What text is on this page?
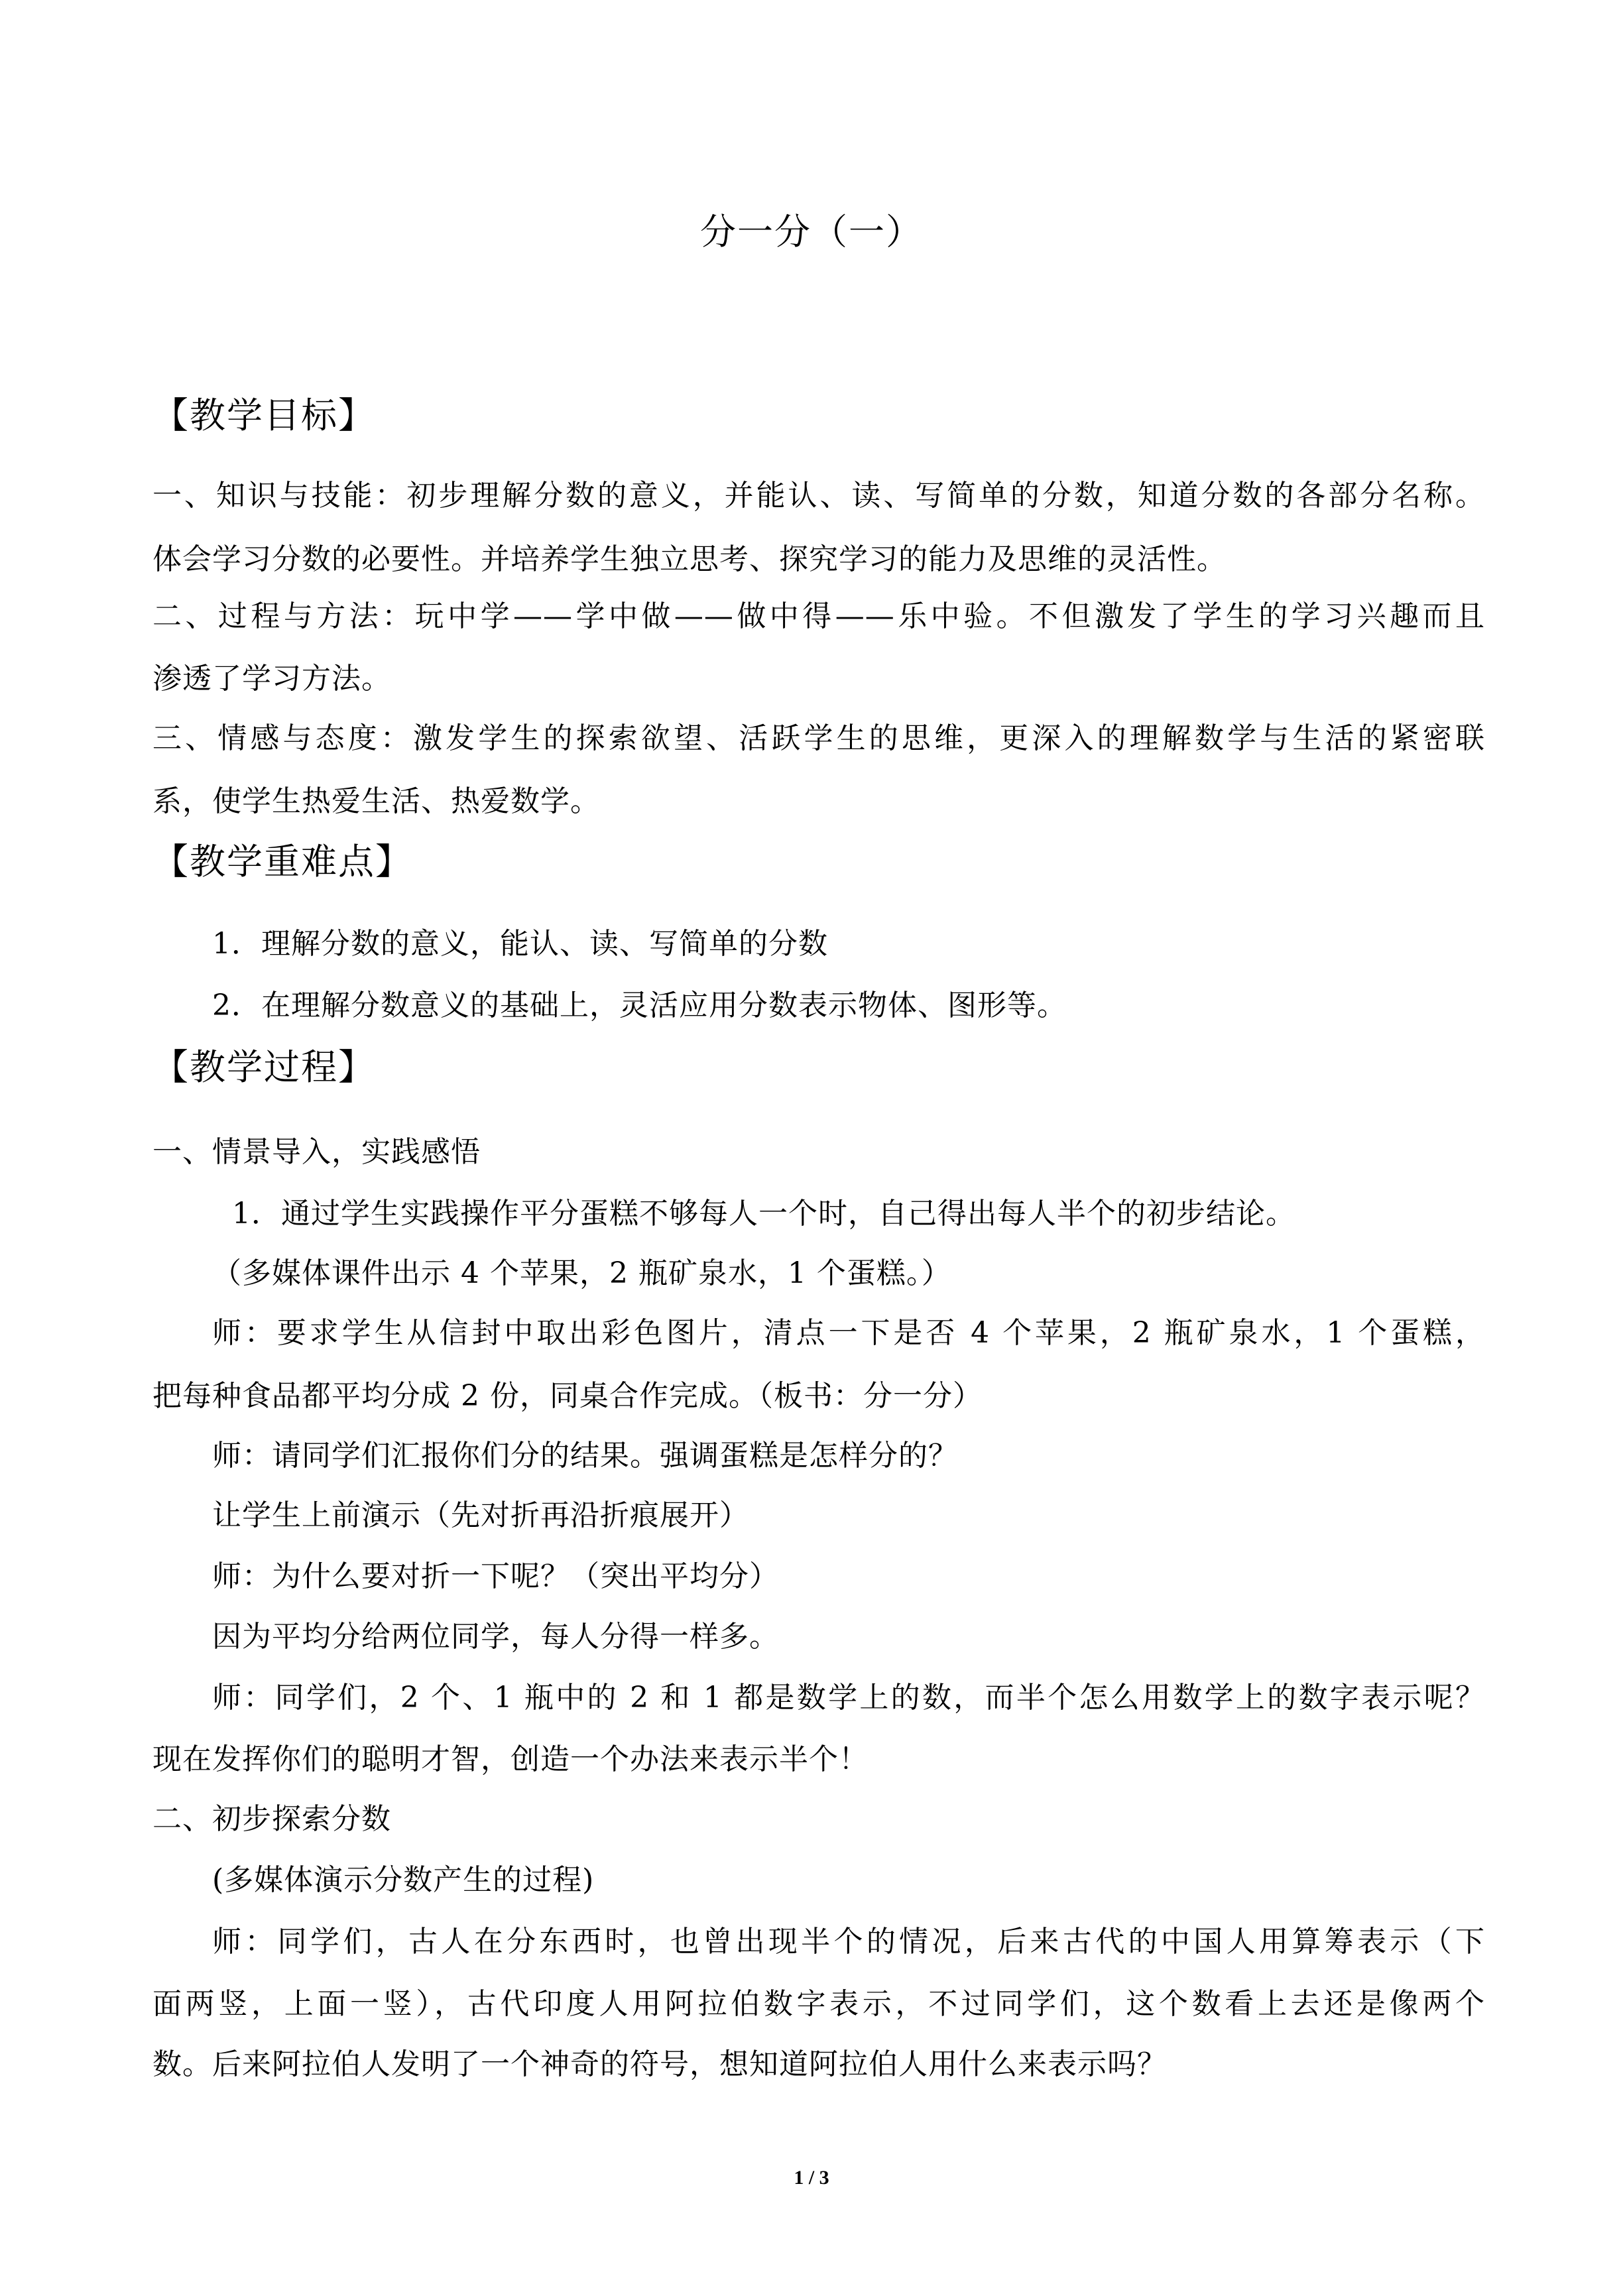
分一分（一）
【教学目标】
一、知识与技能：初步理解分数的意义，并能认、读、写简单的分数，知道分数的各部分名称。
体会学习分数的必要性。并培养学生独立思考、探究学习的能力及思维的灵活性。
二、过程与方法：玩中学——学中做——做中得——乐中验。不但激发了学生的学习兴趣而且
渗透了学习方法。
三、情感与态度：激发学生的探索欲望、活跃学生的思维，更深入的理解数学与生活的紧密联
系，使学生热爱生活、热爱数学。
【教学重难点】
1．理解分数的意义，能认、读、写简单的分数
2．在理解分数意义的基础上，灵活应用分数表示物体、图形等。
【教学过程】
一、情景导入，实践感悟
1．通过学生实践操作平分蛋糕不够每人一个时，自己得出每人半个的初步结论。
（多媒体课件出示 4 个苹果，2 瓶矿泉水，1 个蛋糕。）
师：要求学生从信封中取出彩色图片，清点一下是否 4 个苹果，2 瓶矿泉水，1 个蛋糕，
把每种食品都平均分成 2 份，同桌合作完成。（板书：分一分）
师：请同学们汇报你们分的结果。强调蛋糕是怎样分的？
让学生上前演示（先对折再沿折痕展开）
师：为什么要对折一下呢？（突出平均分）
因为平均分给两位同学，每人分得一样多。
师：同学们，2 个、1 瓶中的 2 和 1 都是数学上的数，而半个怎么用数学上的数字表示呢？
现在发挥你们的聪明才智，创造一个办法来表示半个！
二、初步探索分数
(多媒体演示分数产生的过程)
师：同学们，古人在分东西时，也曾出现半个的情况，后来古代的中国人用算筹表示（下
面两竖，上面一竖），古代印度人用阿拉伯数字表示，不过同学们，这个数看上去还是像两个
数。后来阿拉伯人发明了一个神奇的符号，想知道阿拉伯人用什么来表示吗？
1 / 3
